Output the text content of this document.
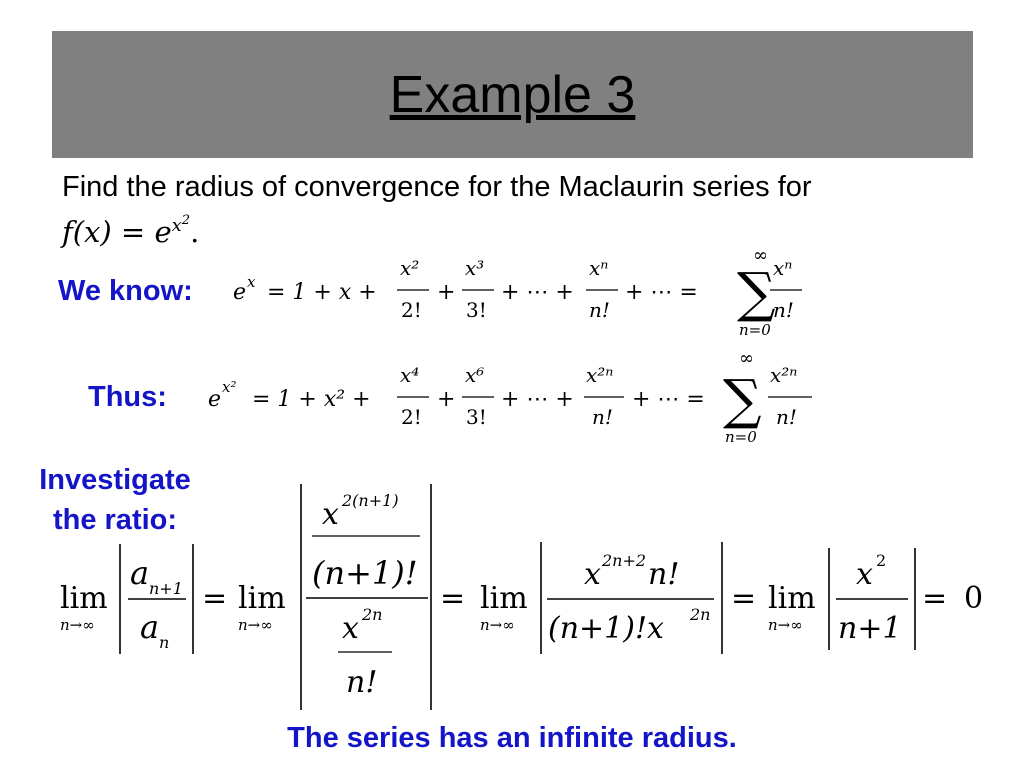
Example 3
Find the radius of convergence for the Maclaurin series for
$f(x) = e^{x^2}$.
We know: e x = 1 + x +
x²
2!
+
x³
3!
+ ⋯ +
xⁿ
n!
+ ⋯ =
∞
∑
n=0
xⁿ
n!
Thus: e x² = 1 + x² +
x⁴
2!
+
x⁶
3!
+ ⋯ +
x²ⁿ
n!
+ ⋯ =
∞
∑
n=0
x²ⁿ
n!
Investigate
the ratio:
lim
n→∞
a n+1
a n
= lim
n→∞
x 2(n+1)
(n+1)!
x 2n
n!
= lim
n→∞
x 2n+2 n!
(n+1)!x 2n = lim
n→∞
x 2
n+1
= 0
The series has an infinite radius.
